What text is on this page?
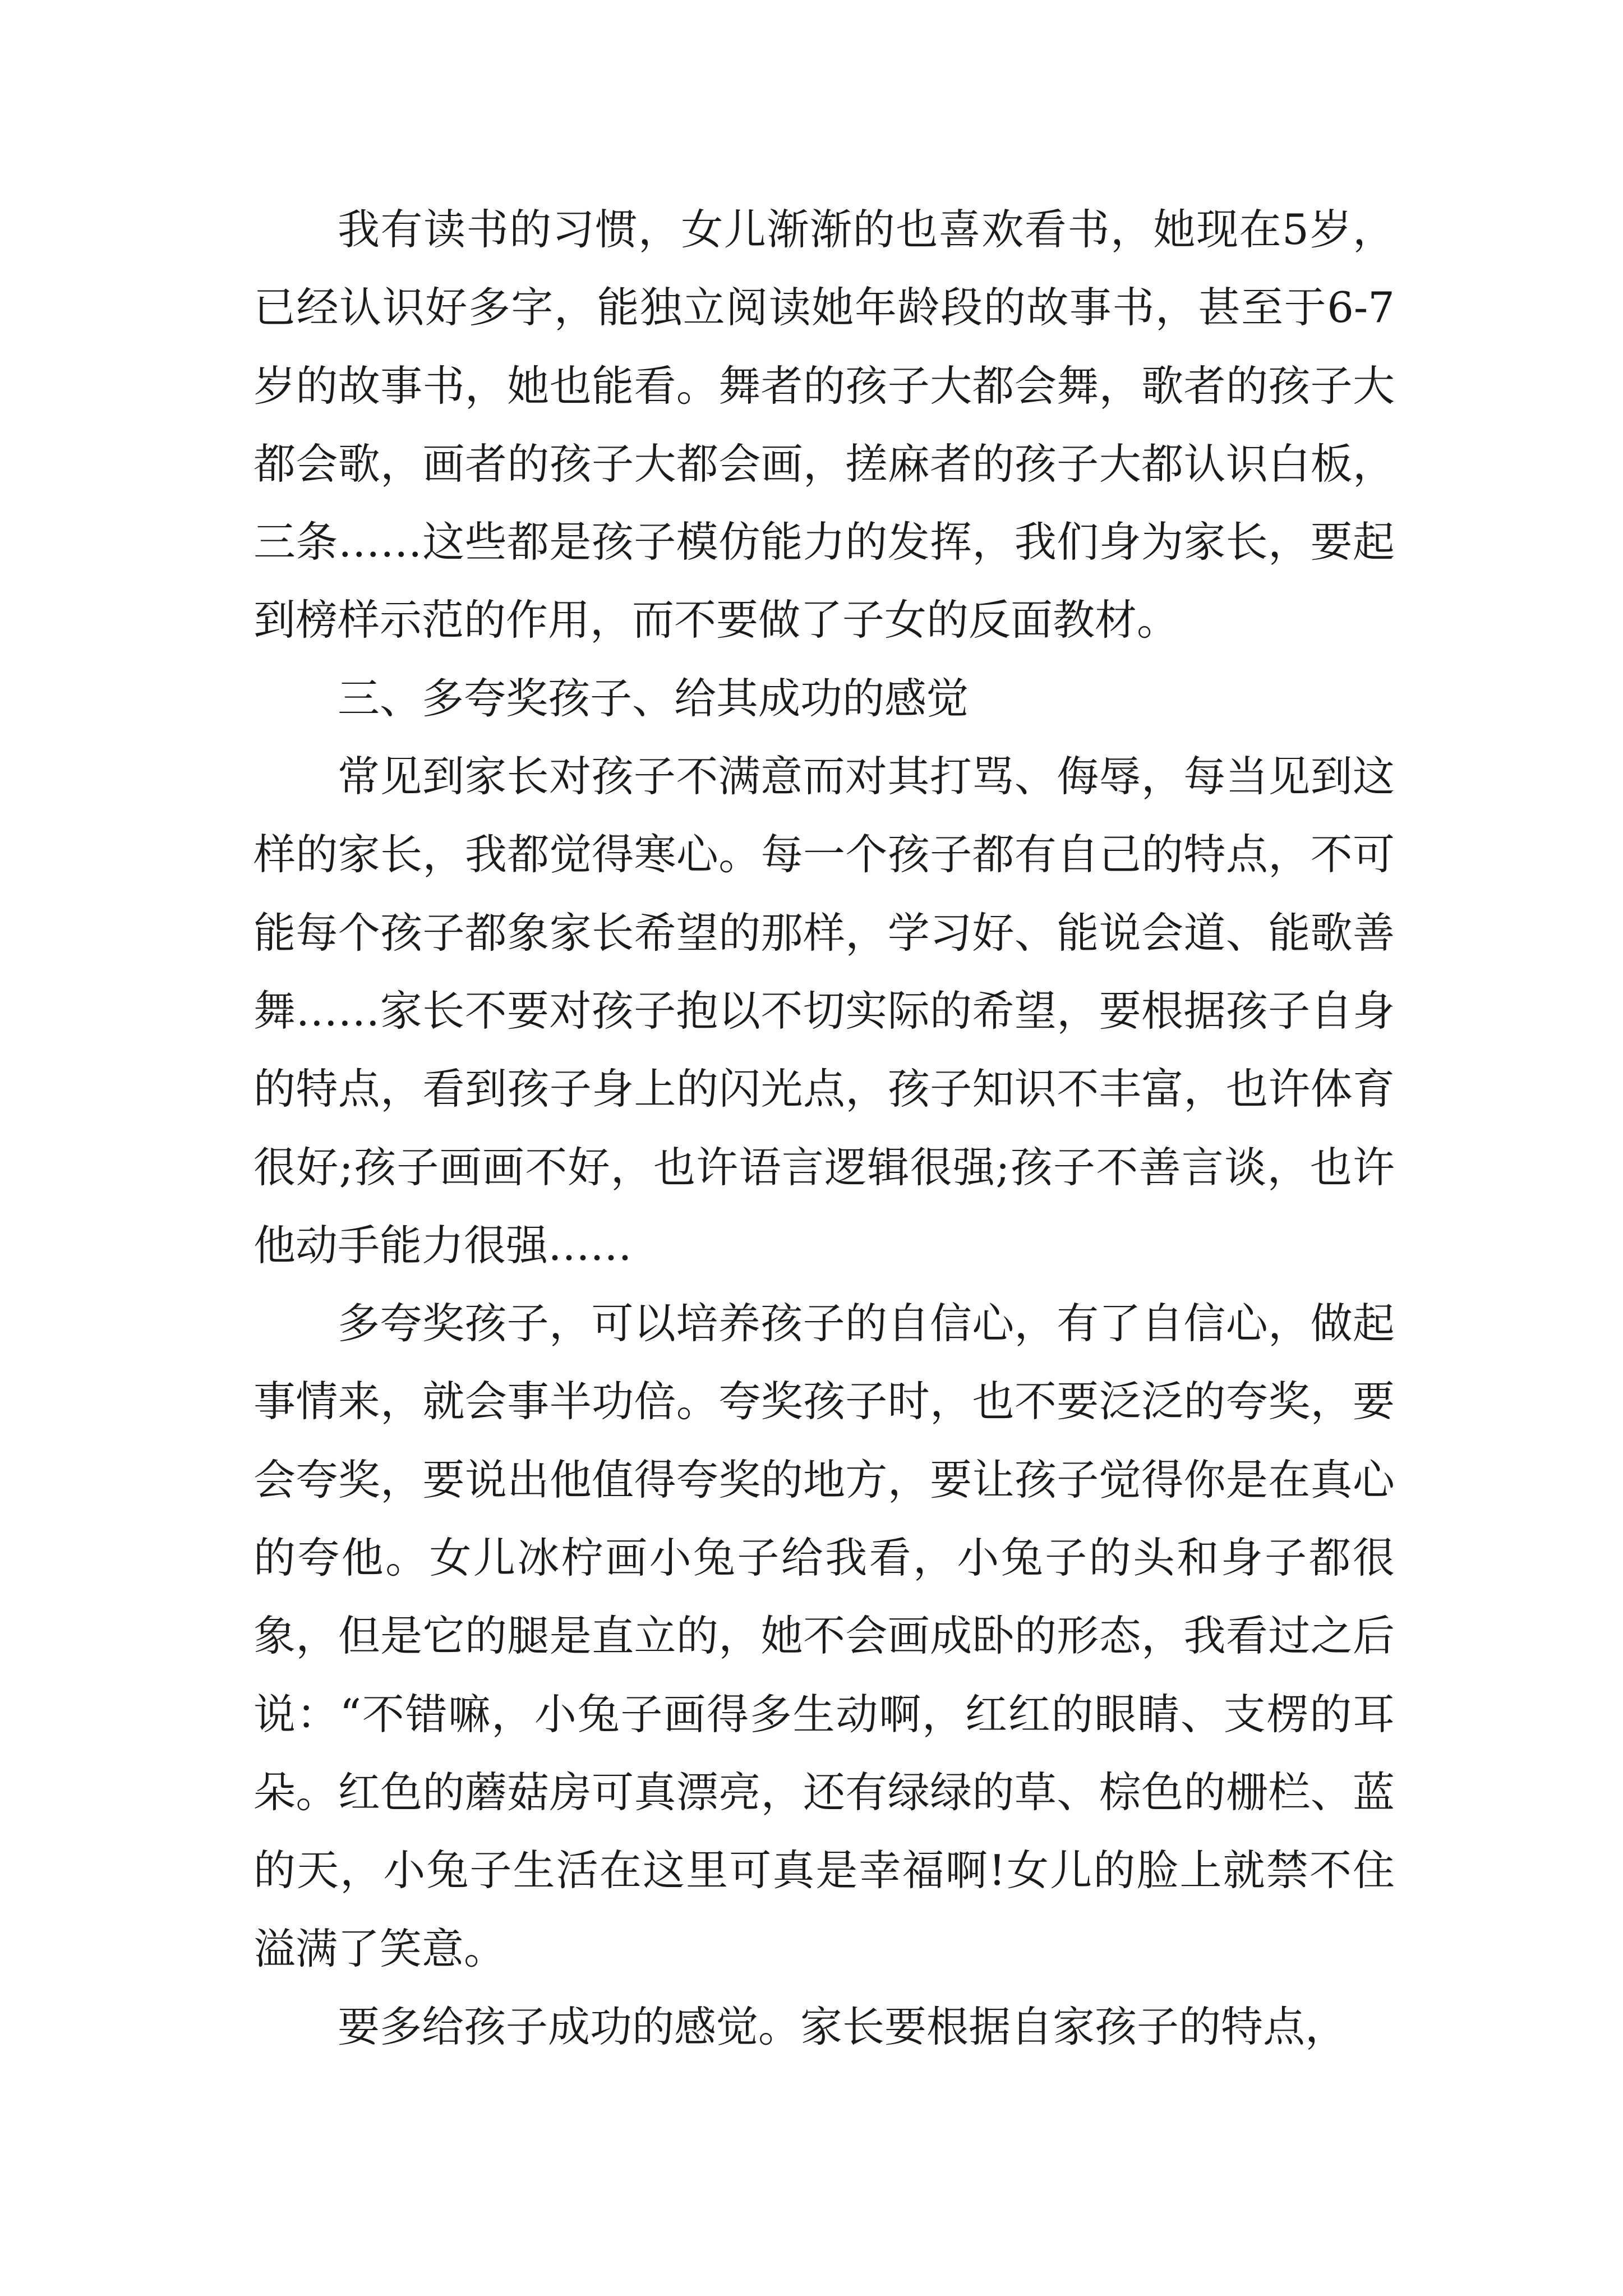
我有读书的习惯，女儿渐渐的也喜欢看书，她现在5岁，已经认识好多字，能独立阅读她年龄段的故事书，甚至于6-7岁的故事书，她也能看。舞者的孩子大都会舞，歌者的孩子大都会歌，画者的孩子大都会画，搓麻者的孩子大都认识白板，三条……这些都是孩子模仿能力的发挥，我们身为家长，要起到榜样示范的作用，而不要做了子女的反面教材。

三、多夸奖孩子、给其成功的感觉

常见到家长对孩子不满意而对其打骂、侮辱，每当见到这样的家长，我都觉得寒心。每一个孩子都有自己的特点，不可能每个孩子都象家长希望的那样，学习好、能说会道、能歌善舞……家长不要对孩子抱以不切实际的希望，要根据孩子自身的特点，看到孩子身上的闪光点，孩子知识不丰富，也许体育很好;孩子画画不好，也许语言逻辑很强;孩子不善言谈，也许他动手能力很强……

多夸奖孩子，可以培养孩子的自信心，有了自信心，做起事情来，就会事半功倍。夸奖孩子时，也不要泛泛的夸奖，要会夸奖，要说出他值得夸奖的地方，要让孩子觉得你是在真心的夸他。女儿冰柠画小兔子给我看，小兔子的头和身子都很象，但是它的腿是直立的，她不会画成卧的形态，我看过之后说：“不错嘛，小兔子画得多生动啊，红红的眼睛、支楞的耳朵。红色的蘑菇房可真漂亮，还有绿绿的草、棕色的栅栏、蓝的天，小兔子生活在这里可真是幸福啊!女儿的脸上就禁不住溢满了笑意。

要多给孩子成功的感觉。家长要根据自家孩子的特点，
